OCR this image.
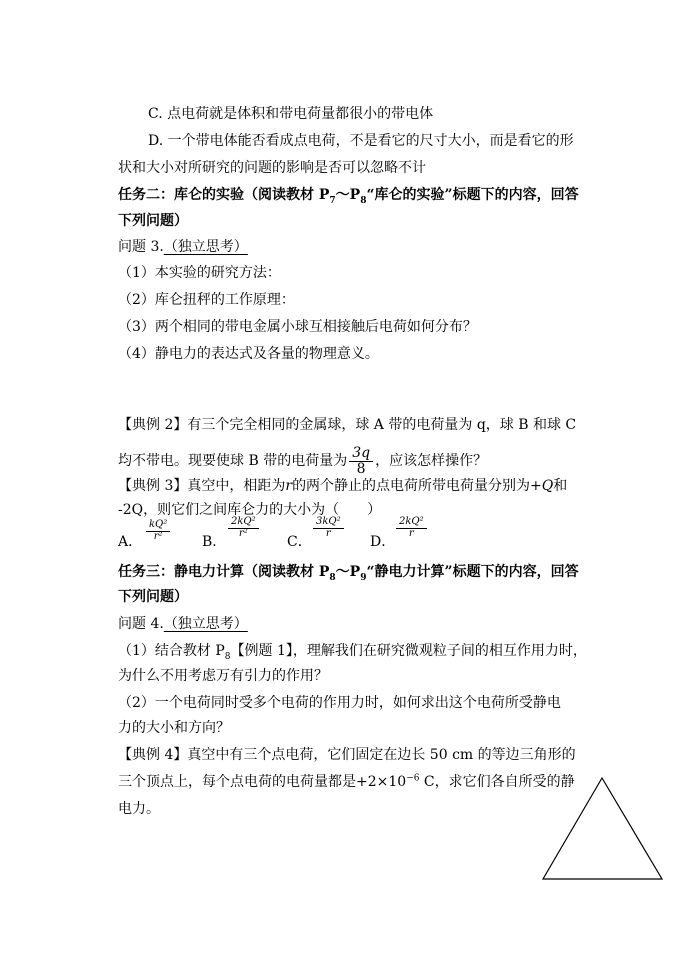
C. 点电荷就是体积和带电荷量都很小的带电体
D. 一个带电体能否看成点电荷，不是看它的尺寸大小，而是看它的形
状和大小对所研究的问题的影响是否可以忽略不计
任务二：库仑的实验（阅读教材 $P_7\sim P_8“$库仑的实验”标题下的内容，回答
下列问题）
问题 3.（独立思考）
（1）本实验的研究方法：
（2）库仑扭秤的工作原理：
（3）两个相同的带电金属小球互相接触后电荷如何分布？
（4）静电力的表达式及各量的物理意义。
【典例 2】有三个完全相同的金属球，球 A 带的电荷量为 q，球 B 和球 C
均不带电。现要使球 B 带的电荷量为 $\frac{3q}{8}$ ，应该怎样操作？
【典例 3】真空中，相距为r的两个静止的点电荷所带电荷量分别为+Q和
-2Q，则它们之间库仑力的大小为（　　）
A． $\frac{\text{kQ²}}{\text{r²}}$ B．
$\frac{\text{2kQ²}}{\text{r²}}$
C．
$\frac{\text{3kQ²}}{r}$
D．
$\frac{\text{2kQ²}}{r}$
任务三：静电力计算（阅读教材 $P_8\sim P_9“$静电力计算”标题下的内容，回答
下列问题）
问题 4.（独立思考）
（1）结合教材 $P_8$【例题 1】，理解我们在研究微观粒子间的相互作用力时，
为什么不用考虑万有引力的作用？
（2）一个电荷同时受多个电荷的作用力时，如何求出这个电荷所受静电
力的大小和方向？
【典例 4】真空中有三个点电荷，它们固定在边长 50 cm 的等边三角形的
三个顶点上，每个点电荷的电荷量都是$+2\times 10^{-6}$ C，求它们各自所受的静
电力。
